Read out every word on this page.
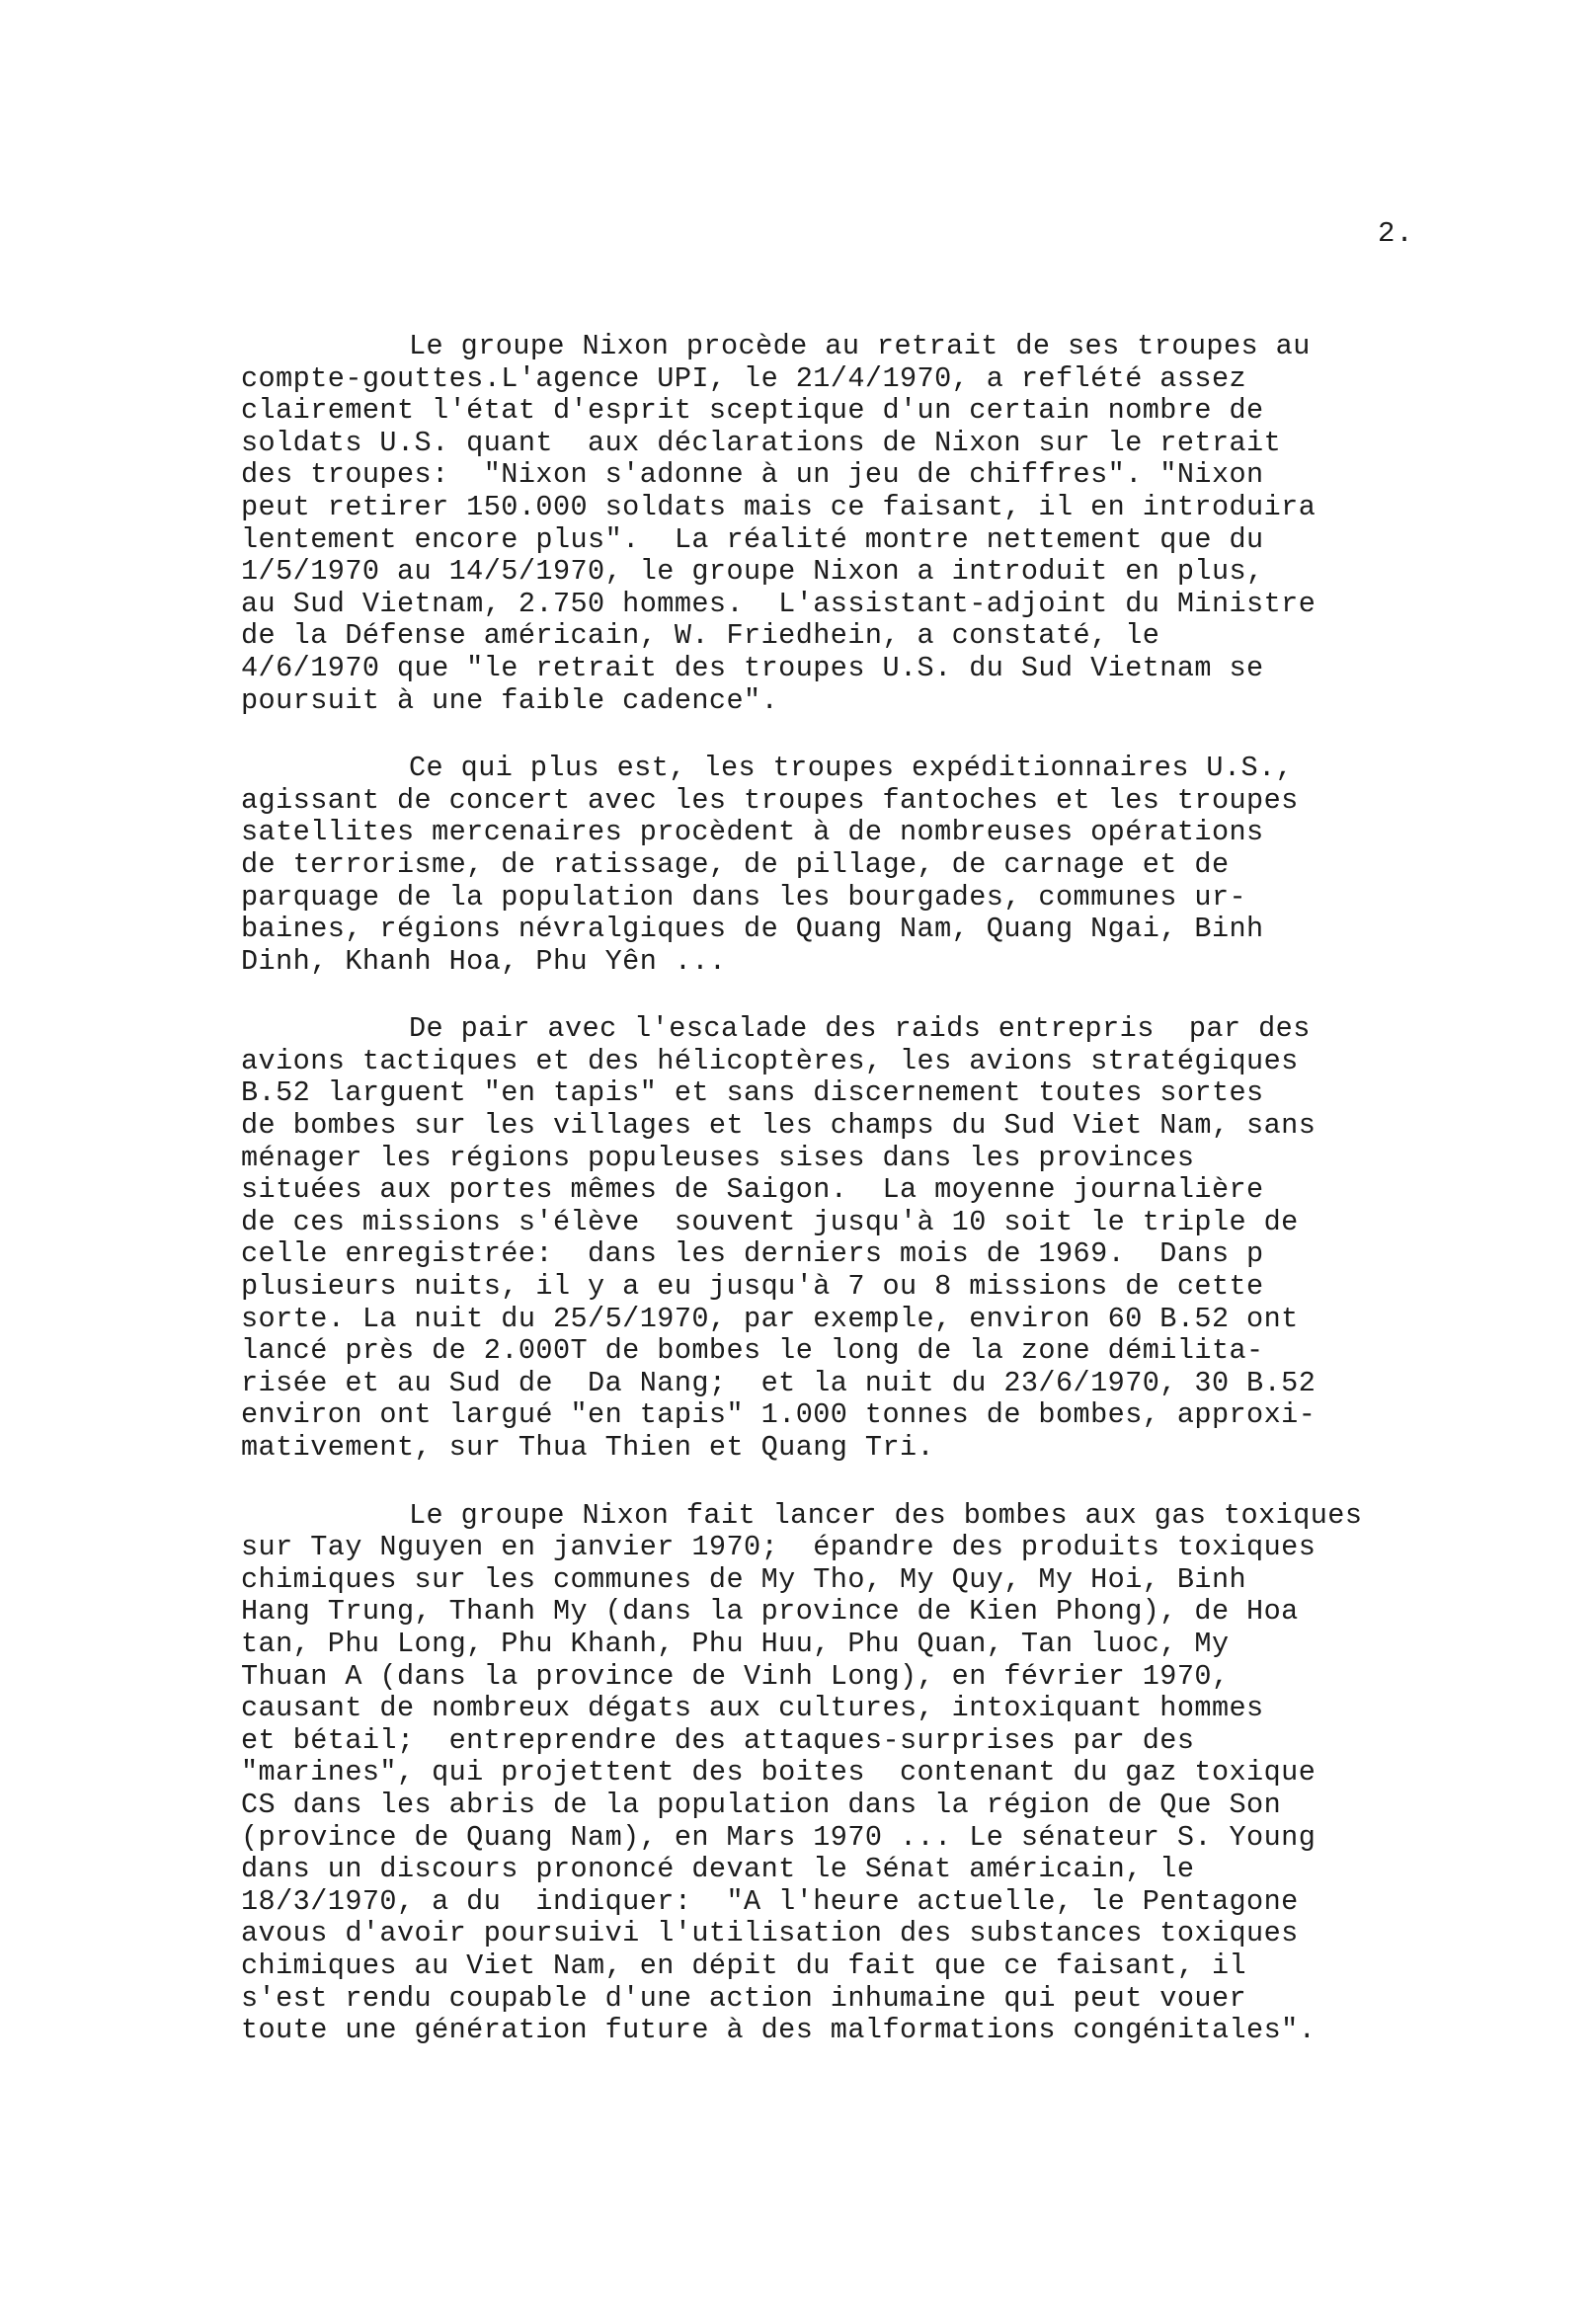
2.
Le groupe Nixon procède au retrait de ses troupes au
compte-gouttes.L'agence UPI, le 21/4/1970, a reflété assez
clairement l'état d'esprit sceptique d'un certain nombre de
soldats U.S. quant  aux déclarations de Nixon sur le retrait
des troupes:  "Nixon s'adonne à un jeu de chiffres". "Nixon
peut retirer 150.000 soldats mais ce faisant, il en introduira
lentement encore plus".  La réalité montre nettement que du
1/5/1970 au 14/5/1970, le groupe Nixon a introduit en plus,
au Sud Vietnam, 2.750 hommes.  L'assistant-adjoint du Ministre
de la Défense américain, W. Friedhein, a constaté, le
4/6/1970 que "le retrait des troupes U.S. du Sud Vietnam se
poursuit à une faible cadence".
Ce qui plus est, les troupes expéditionnaires U.S.,
agissant de concert avec les troupes fantoches et les troupes
satellites mercenaires procèdent à de nombreuses opérations
de terrorisme, de ratissage, de pillage, de carnage et de
parquage de la population dans les bourgades, communes ur-
baines, régions névralgiques de Quang Nam, Quang Ngai, Binh
Dinh, Khanh Hoa, Phu Yên ...
De pair avec l'escalade des raids entrepris  par des
avions tactiques et des hélicoptères, les avions stratégiques
B.52 larguent "en tapis" et sans discernement toutes sortes
de bombes sur les villages et les champs du Sud Viet Nam, sans
ménager les régions populeuses sises dans les provinces
situées aux portes mêmes de Saigon.  La moyenne journalière
de ces missions s'élève  souvent jusqu'à 10 soit le triple de
celle enregistrée:  dans les derniers mois de 1969.  Dans p
plusieurs nuits, il y a eu jusqu'à 7 ou 8 missions de cette
sorte. La nuit du 25/5/1970, par exemple, environ 60 B.52 ont
lancé près de 2.000T de bombes le long de la zone démilita-
risée et au Sud de  Da Nang;  et la nuit du 23/6/1970, 30 B.52
environ ont largué "en tapis" 1.000 tonnes de bombes, approxi-
mativement, sur Thua Thien et Quang Tri.
Le groupe Nixon fait lancer des bombes aux gas toxiques
sur Tay Nguyen en janvier 1970;  épandre des produits toxiques
chimiques sur les communes de My Tho, My Quy, My Hoi, Binh
Hang Trung, Thanh My (dans la province de Kien Phong), de Hoa
tan, Phu Long, Phu Khanh, Phu Huu, Phu Quan, Tan luoc, My
Thuan A (dans la province de Vinh Long), en février 1970,
causant de nombreux dégats aux cultures, intoxiquant hommes
et bétail;  entreprendre des attaques-surprises par des
"marines", qui projettent des boites  contenant du gaz toxique
CS dans les abris de la population dans la région de Que Son
(province de Quang Nam), en Mars 1970 ... Le sénateur S. Young
dans un discours prononcé devant le Sénat américain, le
18/3/1970, a du  indiquer:  "A l'heure actuelle, le Pentagone
avous d'avoir poursuivi l'utilisation des substances toxiques
chimiques au Viet Nam, en dépit du fait que ce faisant, il
s'est rendu coupable d'une action inhumaine qui peut vouer
toute une génération future à des malformations congénitales".
